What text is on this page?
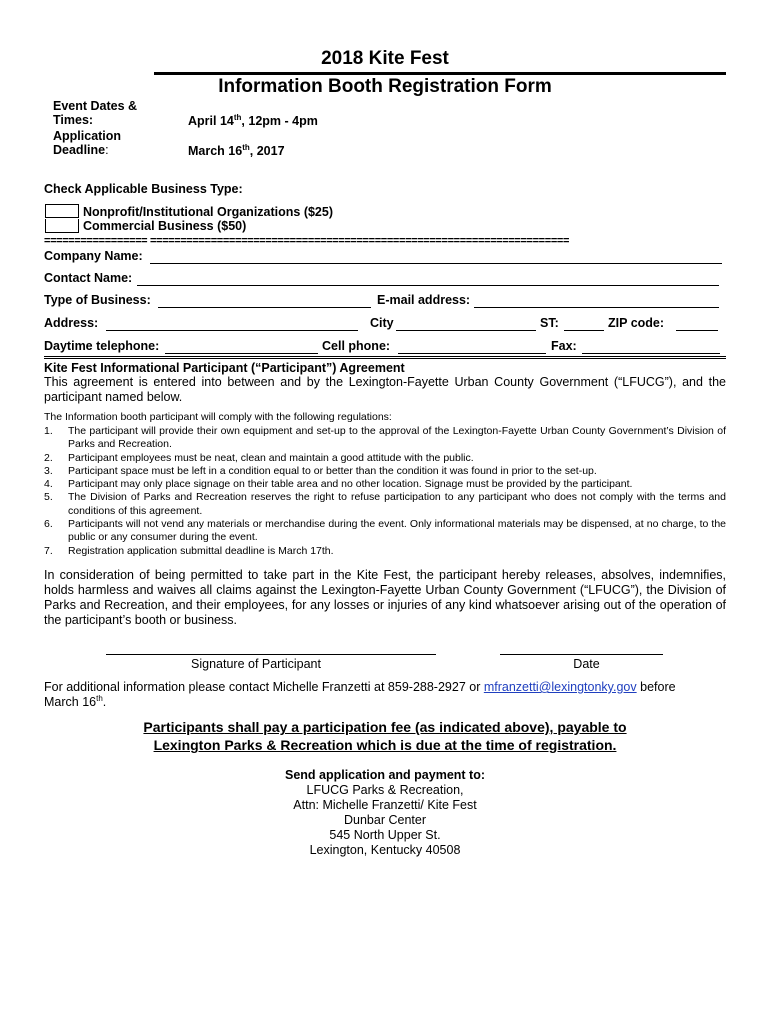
2018 Kite Fest
Information Booth Registration Form
Event Dates &
Times:	April 14th, 12pm - 4pm
Application
Deadline:	March 16th, 2017
Check Applicable Business Type:
Nonprofit/Institutional Organizations ($25)
Commercial Business ($50)
================= =====================================================================
Company Name:
Contact Name:
Type of Business:	E-mail address:
Address:	City	ST:	ZIP code:
Daytime telephone:	Cell phone:	Fax:
Kite Fest Informational Participant (“Participant”) Agreement
This agreement is entered into between and by the Lexington-Fayette Urban County Government (“LFUCG”), and the participant named below.
The Information booth participant will comply with the following regulations:
1.	The participant will provide their own equipment and set-up to the approval of the Lexington-Fayette Urban County Government’s Division of Parks and Recreation.
2.	Participant employees must be neat, clean and maintain a good attitude with the public.
3.	Participant space must be left in a condition equal to or better than the condition it was found in prior to the set-up.
4.	Participant may only place signage on their table area and no other location. Signage must be provided by the participant.
5.	The Division of Parks and Recreation reserves the right to refuse participation to any participant who does not comply with the terms and conditions of this agreement.
6.	Participants will not vend any materials or merchandise during the event. Only informational materials may be dispensed, at no charge, to the public or any consumer during the event.
7.	Registration application submittal deadline is March 17th.
In consideration of being permitted to take part in the Kite Fest, the participant hereby releases, absolves, indemnifies, holds harmless and waives all claims against the Lexington-Fayette Urban County Government (“LFUCG”), the Division of Parks and Recreation, and their employees, for any losses or injuries of any kind whatsoever arising out of the operation of the participant’s booth or business.
Signature of Participant	Date
For additional information please contact Michelle Franzetti at 859-288-2927 or mfranzetti@lexingtonky.gov before
March 16th.
Participants shall pay a participation fee (as indicated above), payable to
Lexington Parks & Recreation which is due at the time of registration.
Send application and payment to:
LFUCG Parks & Recreation,
Attn: Michelle Franzetti/ Kite Fest
Dunbar Center
545 North Upper St.
Lexington, Kentucky 40508
